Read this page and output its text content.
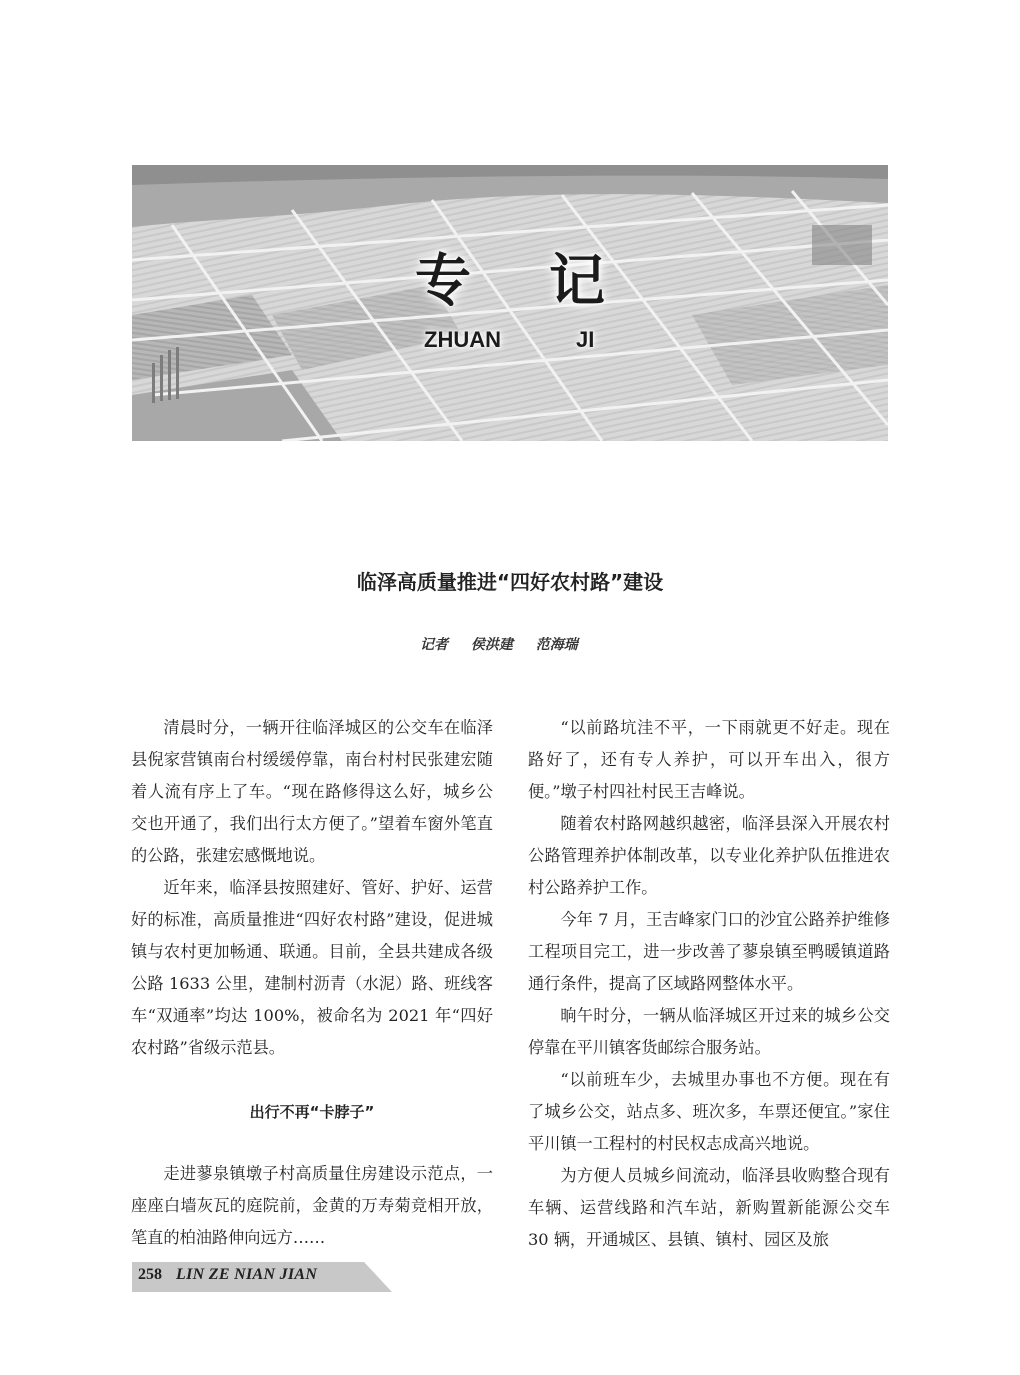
专记
ZHUAN	JI
临泽高质量推进“四好农村路”建设
记者 侯洪建 范海瑞

清晨时分，一辆开往临泽城区的公交车在临泽县倪家营镇南台村缓缓停靠，南台村村民张建宏随着人流有序上了车。“现在路修得这么好，城乡公交也开通了，我们出行太方便了。”望着车窗外笔直的公路，张建宏感慨地说。

近年来，临泽县按照建好、管好、护好、运营好的标准，高质量推进“四好农村路”建设，促进城镇与农村更加畅通、联通。目前，全县共建成各级公路 1633 公里，建制村沥青（水泥）路、班线客车“双通率”均达 100%，被命名为 2021 年“四好农村路”省级示范县。

出行不再“卡脖子”

走进蓼泉镇墩子村高质量住房建设示范点，一座座白墙灰瓦的庭院前，金黄的万寿菊竞相开放，笔直的柏油路伸向远方……

“以前路坑洼不平，一下雨就更不好走。现在路好了，还有专人养护，可以开车出入，很方便。”墩子村四社村民王吉峰说。

随着农村路网越织越密，临泽县深入开展农村公路管理养护体制改革，以专业化养护队伍推进农村公路养护工作。

今年 7 月，王吉峰家门口的沙宜公路养护维修工程项目完工，进一步改善了蓼泉镇至鸭暖镇道路通行条件，提高了区域路网整体水平。

晌午时分，一辆从临泽城区开过来的城乡公交停靠在平川镇客货邮综合服务站。

“以前班车少，去城里办事也不方便。现在有了城乡公交，站点多、班次多，车票还便宜。”家住平川镇一工程村的村民权志成高兴地说。

为方便人员城乡间流动，临泽县收购整合现有车辆、运营线路和汽车站，新购置新能源公交车 30 辆，开通城区、县镇、镇村、园区及旅

258 LIN ZE NIAN JIAN
